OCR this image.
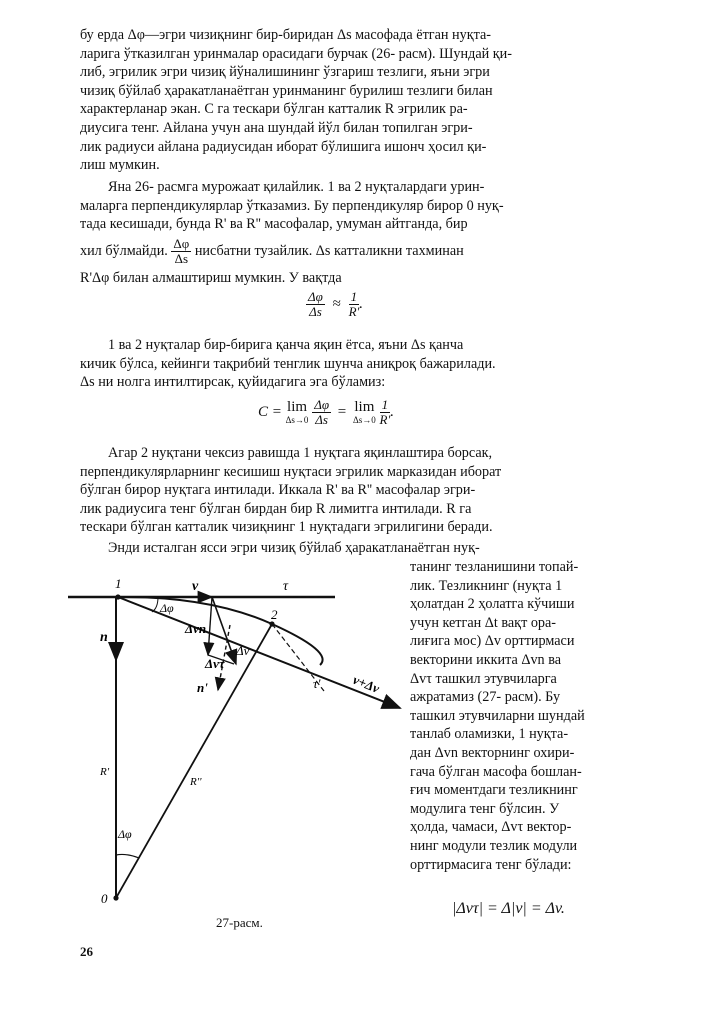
бу ерда Δφ—эгри чизиқнинг бир-биридан Δs масофада ётган нуқта-
ларига ўтказилган уринмалар орасидаги бурчак (26- расм). Шундай қи-
либ, эгрилик эгри чизиқ йўналишининг ўзгариш тезлиги, яъни эгри
чизиқ бўйлаб ҳаракатланаётган уринманинг бурилиш тезлиги билан
характерланар экан. C га тескари бўлган катталик R эгрилик ра-
диусига тенг. Айлана учун ана шундай йўл билан топилган эгри-
лик радиуси айлана радиусидан иборат бўлишига ишонч ҳосил қи-
лиш мумкин.
Яна 26- расмга мурожаат қилайлик. 1 ва 2 нуқталардаги урин-
маларга перпендикулярлар ўтказамиз. Бу перпендикуляр бирор 0 нуқ-
тада кесишади, бунда R' ва R'' масофалар, умуман айтганда, бир
хил бўлмайди. $\frac{\Delta\varphi}{\Delta s}$ нисбатни тузайлик. Δs катталикни тахминан
R'Δφ билан алмаштириш мумкин. У вақтда
$\frac{\Delta\varphi}{\Delta s} \approx \frac{1}{R'}$ .
1 ва 2 нуқталар бир-бирига қанча яқин ётса, яъни Δs қанча
кичик бўлса, кейинги тақрибий тенглик шунча аниқроқ бажарилади.
Δs ни нолга интилтирсак, қуйидагига эга бўламиз:
C = lim
Δs→0
$\frac{\Delta\varphi}{\Delta s} = \lim$
Δs→0
$\frac{1}{R'}$ .
Агар 2 нуқтани чексиз равишда 1 нуқтага яқинлаштира борсак,
перпендикулярларнинг кесишиш нуқтаси эгрилик марказидан иборат
бўлган бирор нуқтага интилади. Иккала R' ва R'' масофалар эгри-
лик радиусига тенг бўлган бирдан бир R лимитга интилади. R га
тескари бўлган катталик чизиқнинг 1 нуқтадаги эгрилигини беради.
Энди исталган ясси эгри чизиқ бўйлаб ҳаракатланаётган нуқ-
танинг тезланишини топай-
лик. Тезликнинг (нуқта 1
ҳолатдан 2 ҳолатга кўчиши
учун кетган Δt вақт ора-
лиғига мос) Δv орттирмаси
векторини иккита Δvn ва
Δvτ ташкил этувчиларга
ажратамиз (27- расм). Бу
ташкил этувчиларни шундай
танлаб оламизки, 1 нуқта-
дан Δvn векторнинг охири-
гача бўлган масофа бошлан-
ғич моментдаги тезликнинг
модулига тенг бўлсин. У
ҳолда, чамаси, Δvτ вектор-
нинг модули тезлик модули
орттирмасига тенг бўлади:
|Δvτ| = Δ|v| = Δv.
1
2
v	τ
Δφ
Δvn
Δvτ
Δv
τ' v+Δv
n
n'
R'
R''
Δφ
0
27-расм.
26
